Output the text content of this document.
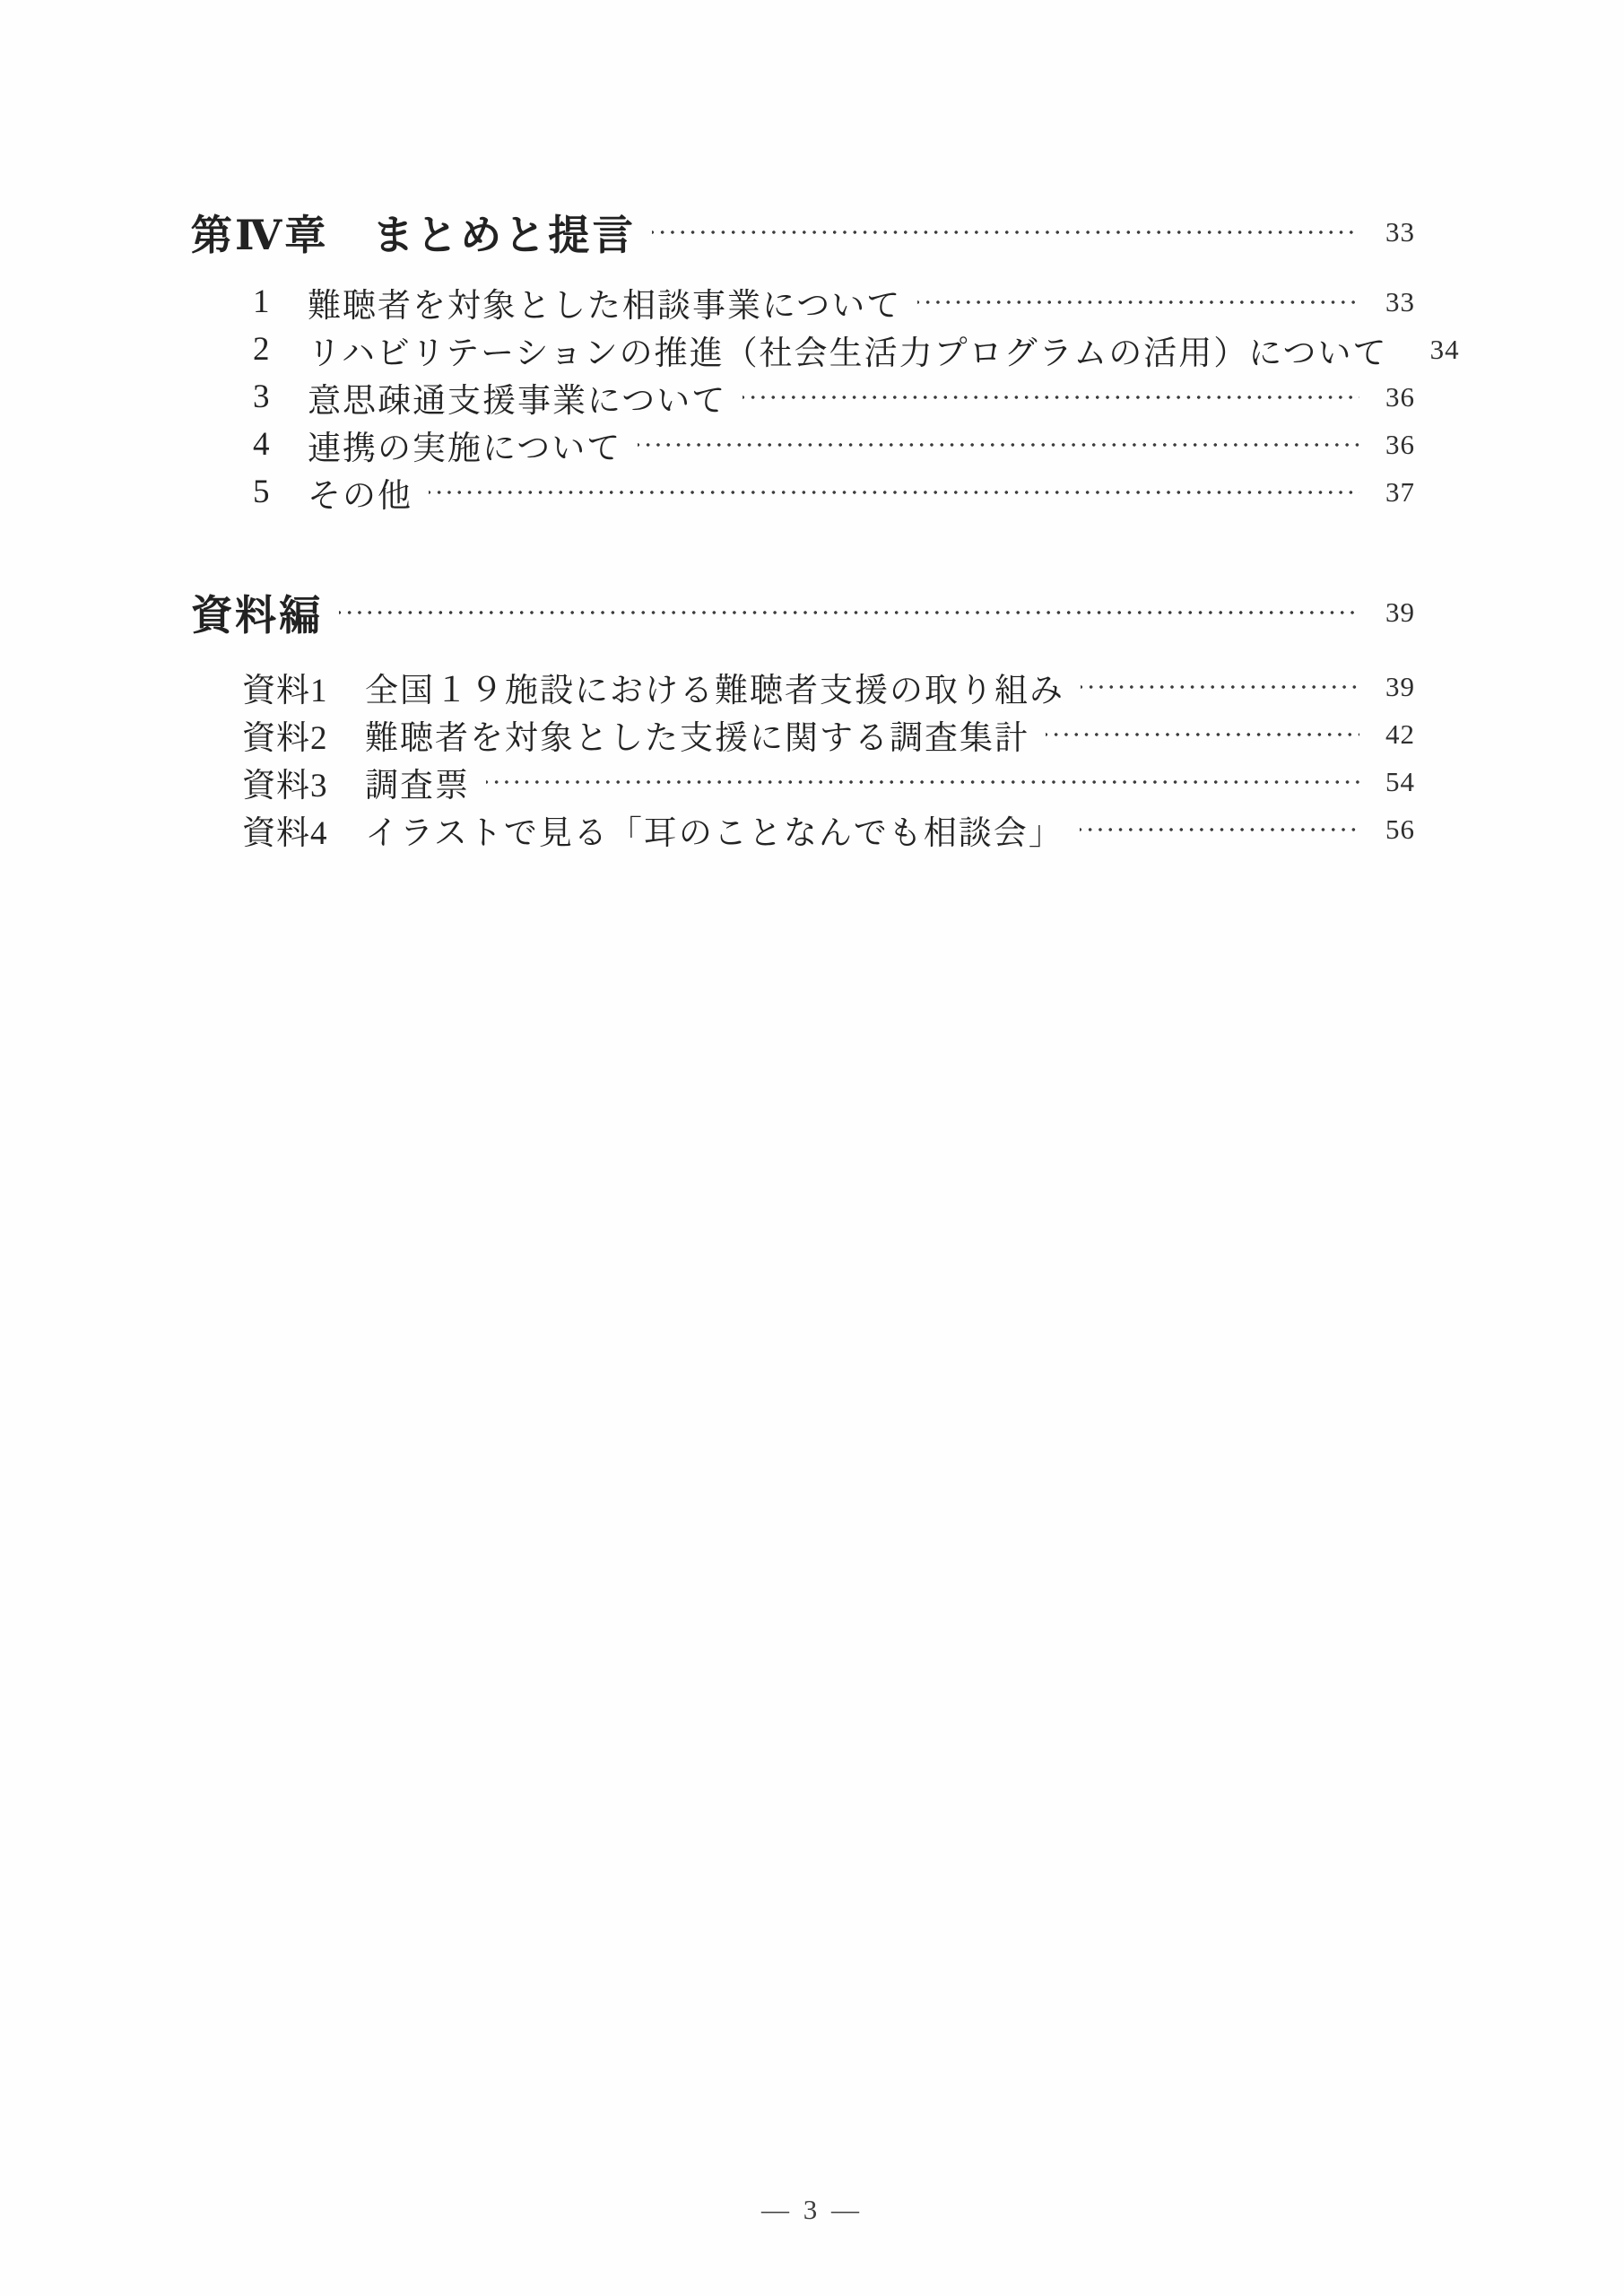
第Ⅳ章　まとめと提言	33
1	難聴者を対象とした相談事業について	33
2	リハビリテーションの推進（社会生活力プログラムの活用）について	34
3	意思疎通支援事業について	36
4	連携の実施について	36
5	その他	37
資料編	39
資料1	全国１９施設における難聴者支援の取り組み	39
資料2	難聴者を対象とした支援に関する調査集計	42
資料3	調査票	54
資料4	イラストで見る「耳のことなんでも相談会」	56
— 3 —
